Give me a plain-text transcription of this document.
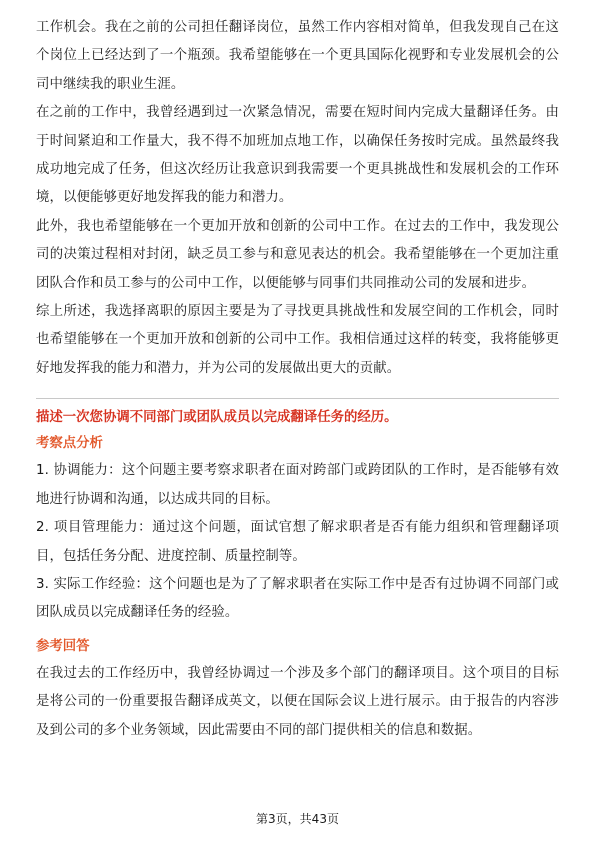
工作机会。我在之前的公司担任翻译岗位，虽然工作内容相对简单，但我发现自己在这个岗位上已经达到了一个瓶颈。我希望能够在一个更具国际化视野和专业发展机会的公司中继续我的职业生涯。

在之前的工作中，我曾经遇到过一次紧急情况，需要在短时间内完成大量翻译任务。由于时间紧迫和工作量大，我不得不加班加点地工作，以确保任务按时完成。虽然最终我成功地完成了任务，但这次经历让我意识到我需要一个更具挑战性和发展机会的工作环境，以便能够更好地发挥我的能力和潜力。

此外，我也希望能够在一个更加开放和创新的公司中工作。在过去的工作中，我发现公司的决策过程相对封闭，缺乏员工参与和意见表达的机会。我希望能够在一个更加注重团队合作和员工参与的公司中工作，以便能够与同事们共同推动公司的发展和进步。

综上所述，我选择离职的原因主要是为了寻找更具挑战性和发展空间的工作机会，同时也希望能够在一个更加开放和创新的公司中工作。我相信通过这样的转变，我将能够更好地发挥我的能力和潜力，并为公司的发展做出更大的贡献。

描述一次您协调不同部门或团队成员以完成翻译任务的经历。

考察点分析

1. 协调能力：这个问题主要考察求职者在面对跨部门或跨团队的工作时，是否能够有效地进行协调和沟通，以达成共同的目标。

2. 项目管理能力：通过这个问题，面试官想了解求职者是否有能力组织和管理翻译项目，包括任务分配、进度控制、质量控制等。

3. 实际工作经验：这个问题也是为了了解求职者在实际工作中是否有过协调不同部门或团队成员以完成翻译任务的经验。

参考回答

在我过去的工作经历中，我曾经协调过一个涉及多个部门的翻译项目。这个项目的目标是将公司的一份重要报告翻译成英文，以便在国际会议上进行展示。由于报告的内容涉及到公司的多个业务领域，因此需要由不同的部门提供相关的信息和数据。

第3页，共43页
